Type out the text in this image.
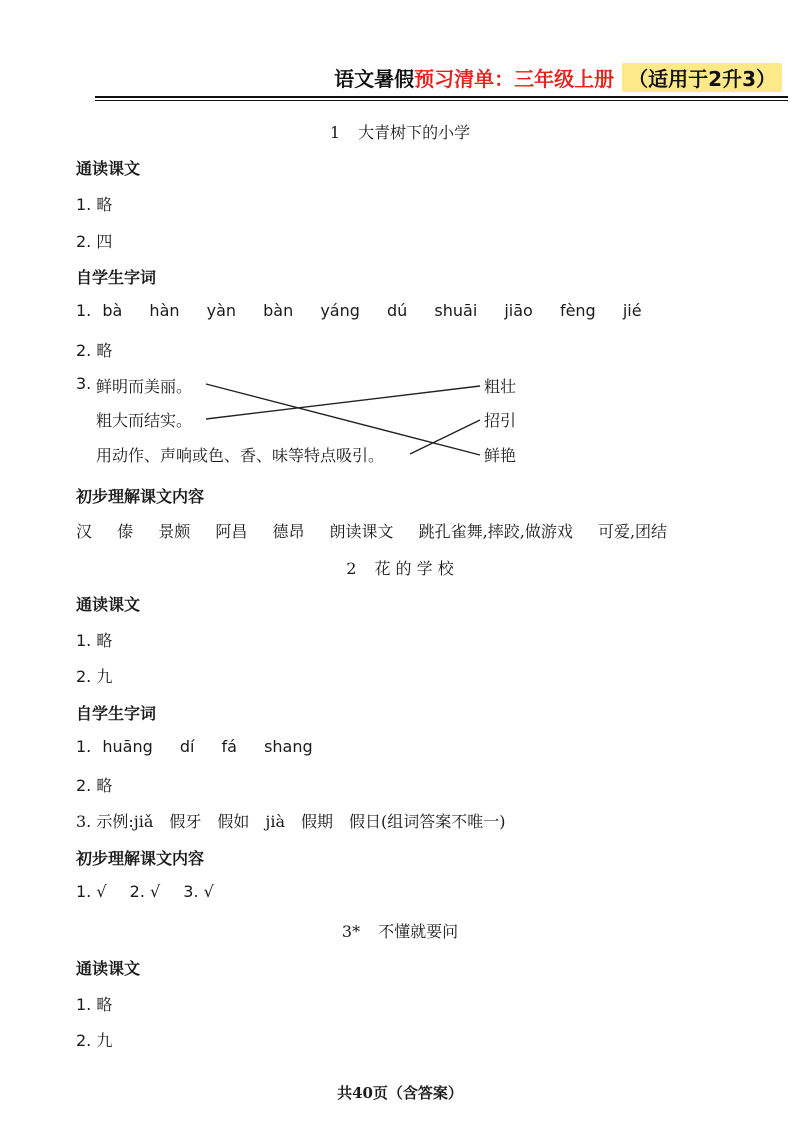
语文暑假 预习清单：三年级上册 （适用于2升3）
1 大青树下的小学
通读课文
1. 略
2. 四
自学生字词
1. bà hàn yàn bàn yáng dú shuāi jiāo fèng jié
2. 略
3. 鲜明而美丽。
粗大而结实。
用动作、声响或色、香、味等特点吸引。
粗壮
招引
鲜艳
初步理解课文内容
汉 傣 景颇 阿昌 德昂 朗读课文 跳孔雀舞,摔跤,做游戏 可爱,团结
2 花 的 学 校
通读课文
1. 略
2. 九
自学生字词
1. huāng dí fá shang
2. 略
3. 示例:jiǎ　假牙　假如　jià　假期　假日(组词答案不唯一)
初步理解课文内容
1. √ 2. √ 3. √
3* 不懂就要问
通读课文
1. 略
2. 九
共40页（含答案）
